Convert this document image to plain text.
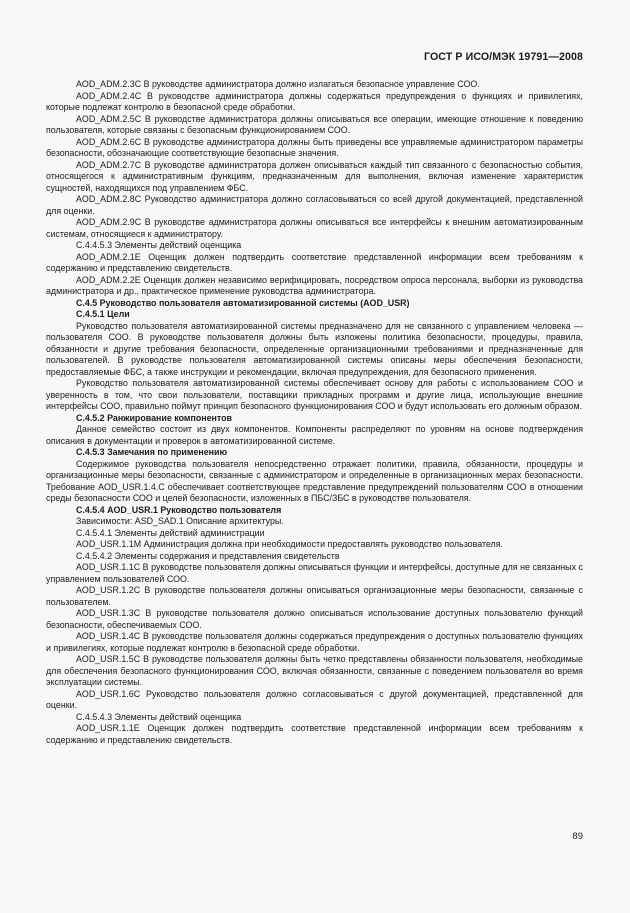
ГОСТ Р ИСО/МЭК 19791—2008

AOD_ADM.2.3C В руководстве администратора должно излагаться безопасное управление СОО.

AOD_ADM.2.4C В руководстве администратора должны содержаться предупреждения о функциях и привилегиях, которые подлежат контролю в безопасной среде обработки.

AOD_ADM.2.5C В руководстве администратора должны описываться все операции, имеющие отношение к поведению пользователя, которые связаны с безопасным функционированием СОО.

AOD_ADM.2.6C В руководстве администратора должны быть приведены все управляемые администратором параметры безопасности, обозначающие соответствующие безопасные значения.

AOD_ADM.2.7C В руководстве администратора должен описываться каждый тип связанного с безопасностью события, относящегося к административным функциям, предназначенным для выполнения, включая изменение характеристик сущностей, находящихся под управлением ФБС.

AOD_ADM.2.8C Руководство администратора должно согласовываться со всей другой документацией, представленной для оценки.

AOD_ADM.2.9C В руководстве администратора должны описываться все интерфейсы к внешним автоматизированным системам, относящиеся к администратору.

С.4.4.5.3 Элементы действий оценщика

AOD_ADM.2.1E Оценщик должен подтвердить соответствие представленной информации всем требованиям к содержанию и представлению свидетельств.

AOD_ADM.2.2E Оценщик должен независимо верифицировать, посредством опроса персонала, выборки из руководства администратора и др., практическое применение руководства администратора.

С.4.5 Руководство пользователя автоматизированной системы (AOD_USR)

С.4.5.1 Цели

Руководство пользователя автоматизированной системы предназначено для не связанного с управлением человека — пользователя СОО. В руководстве пользователя должны быть изложены политика безопасности, процедуры, правила, обязанности и другие требования безопасности, определенные организационными требованиями и предназначенные для пользователей. В руководстве пользователя автоматизированной системы описаны меры обеспечения безопасности, предоставляемые ФБС, а также инструкции и рекомендации, включая предупреждения, для безопасного применения.

Руководство пользователя автоматизированной системы обеспечивает основу для работы с использованием СОО и уверенность в том, что свои пользователи, поставщики прикладных программ и другие лица, использующие внешние интерфейсы СОО, правильно поймут принцип безопасного функционирования СОО и будут использовать его должным образом.

С.4.5.2 Ранжирование компонентов

Данное семейство состоит из двух компонентов. Компоненты распределяют по уровням на основе подтверждения описания в документации и проверок в автоматизированной системе.

С.4.5.3 Замечания по применению

Содержимое руководства пользователя непосредственно отражает политики, правила, обязанности, процедуры и организационные меры безопасности, связанные с администратором и определенные в организационных мерах безопасности. Требование AOD_USR.1.4.C обеспечивает соответствующее представление предупреждений пользователям СОО в отношении среды безопасности СОО и целей безопасности, изложенных в ПБС/ЗБС в руководстве пользователя.

С.4.5.4 AOD_USR.1 Руководство пользователя

Зависимости: ASD_SAD.1 Описание архитектуры.

С.4.5.4.1 Элементы действий администрации

AOD_USR.1.1M Администрация должна при необходимости предоставлять руководство пользователя.

С.4.5.4.2 Элементы содержания и представления свидетельств

AOD_USR.1.1C В руководстве пользователя должны описываться функции и интерфейсы, доступные для не связанных с управлением пользователей СОО.

AOD_USR.1.2C В руководстве пользователя должны описываться организационные меры безопасности, связанные с пользователем.

AOD_USR.1.3C В руководстве пользователя должно описываться использование доступных пользователю функций безопасности, обеспечиваемых СОО.

AOD_USR.1.4C В руководстве пользователя должны содержаться предупреждения о доступных пользователю функциях и привилегиях, которые подлежат контролю в безопасной среде обработки.

AOD_USR.1.5C В руководстве пользователя должны быть четко представлены обязанности пользователя, необходимые для обеспечения безопасного функционирования СОО, включая обязанности, связанные с поведением пользователя во время эксплуатации системы.

AOD_USR.1.6C Руководство пользователя должно согласовываться с другой документацией, представленной для оценки.

С.4.5.4.3 Элементы действий оценщика

AOD_USR.1.1E Оценщик должен подтвердить соответствие представленной информации всем требованиям к содержанию и представлению свидетельств.

89
